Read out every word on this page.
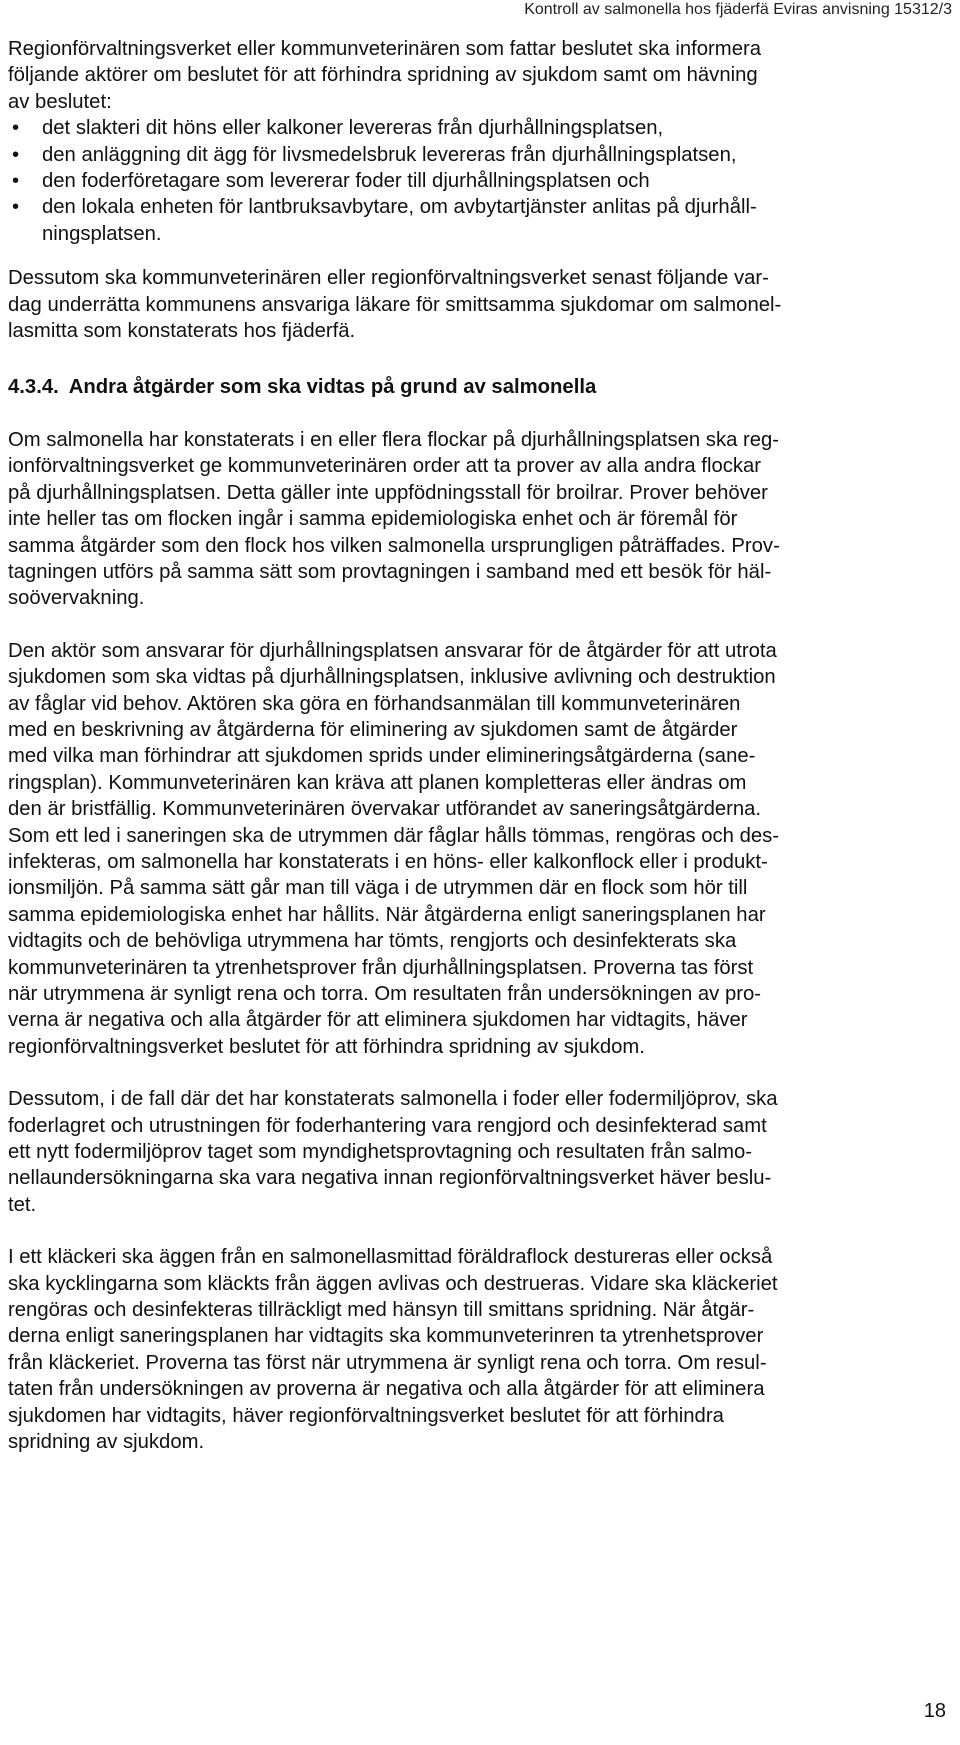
Kontroll av salmonella hos fjäderfä Eviras anvisning 15312/3

Regionförvaltningsverket eller kommunveterinären som fattar beslutet ska informera
följande aktörer om beslutet för att förhindra spridning av sjukdom samt om hävning
av beslutet:

• det slakteri dit höns eller kalkoner levereras från djurhållningsplatsen,
• den anläggning dit ägg för livsmedelsbruk levereras från djurhållningsplatsen,
• den foderföretagare som levererar foder till djurhållningsplatsen och
• den lokala enheten för lantbruksavbytare, om avbytartjänster anlitas på djurhåll-
ningsplatsen.

Dessutom ska kommunveterinären eller regionförvaltningsverket senast följande var-
dag underrätta kommunens ansvariga läkare för smittsamma sjukdomar om salmonel-
lasmitta som konstaterats hos fjäderfä.

4.3.4. Andra åtgärder som ska vidtas på grund av salmonella

Om salmonella har konstaterats i en eller flera flockar på djurhållningsplatsen ska reg-
ionförvaltningsverket ge kommunveterinären order att ta prover av alla andra flockar
på djurhållningsplatsen. Detta gäller inte uppfödningsstall för broilrar. Prover behöver
inte heller tas om flocken ingår i samma epidemiologiska enhet och är föremål för
samma åtgärder som den flock hos vilken salmonella ursprungligen påträffades. Prov-
tagningen utförs på samma sätt som provtagningen i samband med ett besök för häl-
soövervakning.

Den aktör som ansvarar för djurhållningsplatsen ansvarar för de åtgärder för att utrota
sjukdomen som ska vidtas på djurhållningsplatsen, inklusive avlivning och destruktion
av fåglar vid behov. Aktören ska göra en förhandsanmälan till kommunveterinären
med en beskrivning av åtgärderna för eliminering av sjukdomen samt de åtgärder
med vilka man förhindrar att sjukdomen sprids under elimineringsåtgärderna (sane-
ringsplan). Kommunveterinären kan kräva att planen kompletteras eller ändras om
den är bristfällig. Kommunveterinären övervakar utförandet av saneringsåtgärderna.
Som ett led i saneringen ska de utrymmen där fåglar hålls tömmas, rengöras och des-
infekteras, om salmonella har konstaterats i en höns- eller kalkonflock eller i produkt-
ionsmiljön. På samma sätt går man till väga i de utrymmen där en flock som hör till
samma epidemiologiska enhet har hållits. När åtgärderna enligt saneringsplanen har
vidtagits och de behövliga utrymmena har tömts, rengjorts och desinfekterats ska
kommunveterinären ta ytrenhetsprover från djurhållningsplatsen. Proverna tas först
när utrymmena är synligt rena och torra. Om resultaten från undersökningen av pro-
verna är negativa och alla åtgärder för att eliminera sjukdomen har vidtagits, häver
regionförvaltningsverket beslutet för att förhindra spridning av sjukdom.

Dessutom, i de fall där det har konstaterats salmonella i foder eller fodermiljöprov, ska
foderlagret och utrustningen för foderhantering vara rengjord och desinfekterad samt
ett nytt fodermiljöprov taget som myndighetsprovtagning och resultaten från salmo-
nellaundersökningarna ska vara negativa innan regionförvaltningsverket häver beslu-
tet.

I ett kläckeri ska äggen från en salmonellasmittad föräldraflock destureras eller också
ska kycklingarna som kläckts från äggen avlivas och destrueras. Vidare ska kläckeriet
rengöras och desinfekteras tillräckligt med hänsyn till smittans spridning. När åtgär-
derna enligt saneringsplanen har vidtagits ska kommunveterinren ta ytrenhetsprover
från kläckeriet. Proverna tas först när utrymmena är synligt rena och torra. Om resul-
taten från undersökningen av proverna är negativa och alla åtgärder för att eliminera
sjukdomen har vidtagits, häver regionförvaltningsverket beslutet för att förhindra
spridning av sjukdom.

18
